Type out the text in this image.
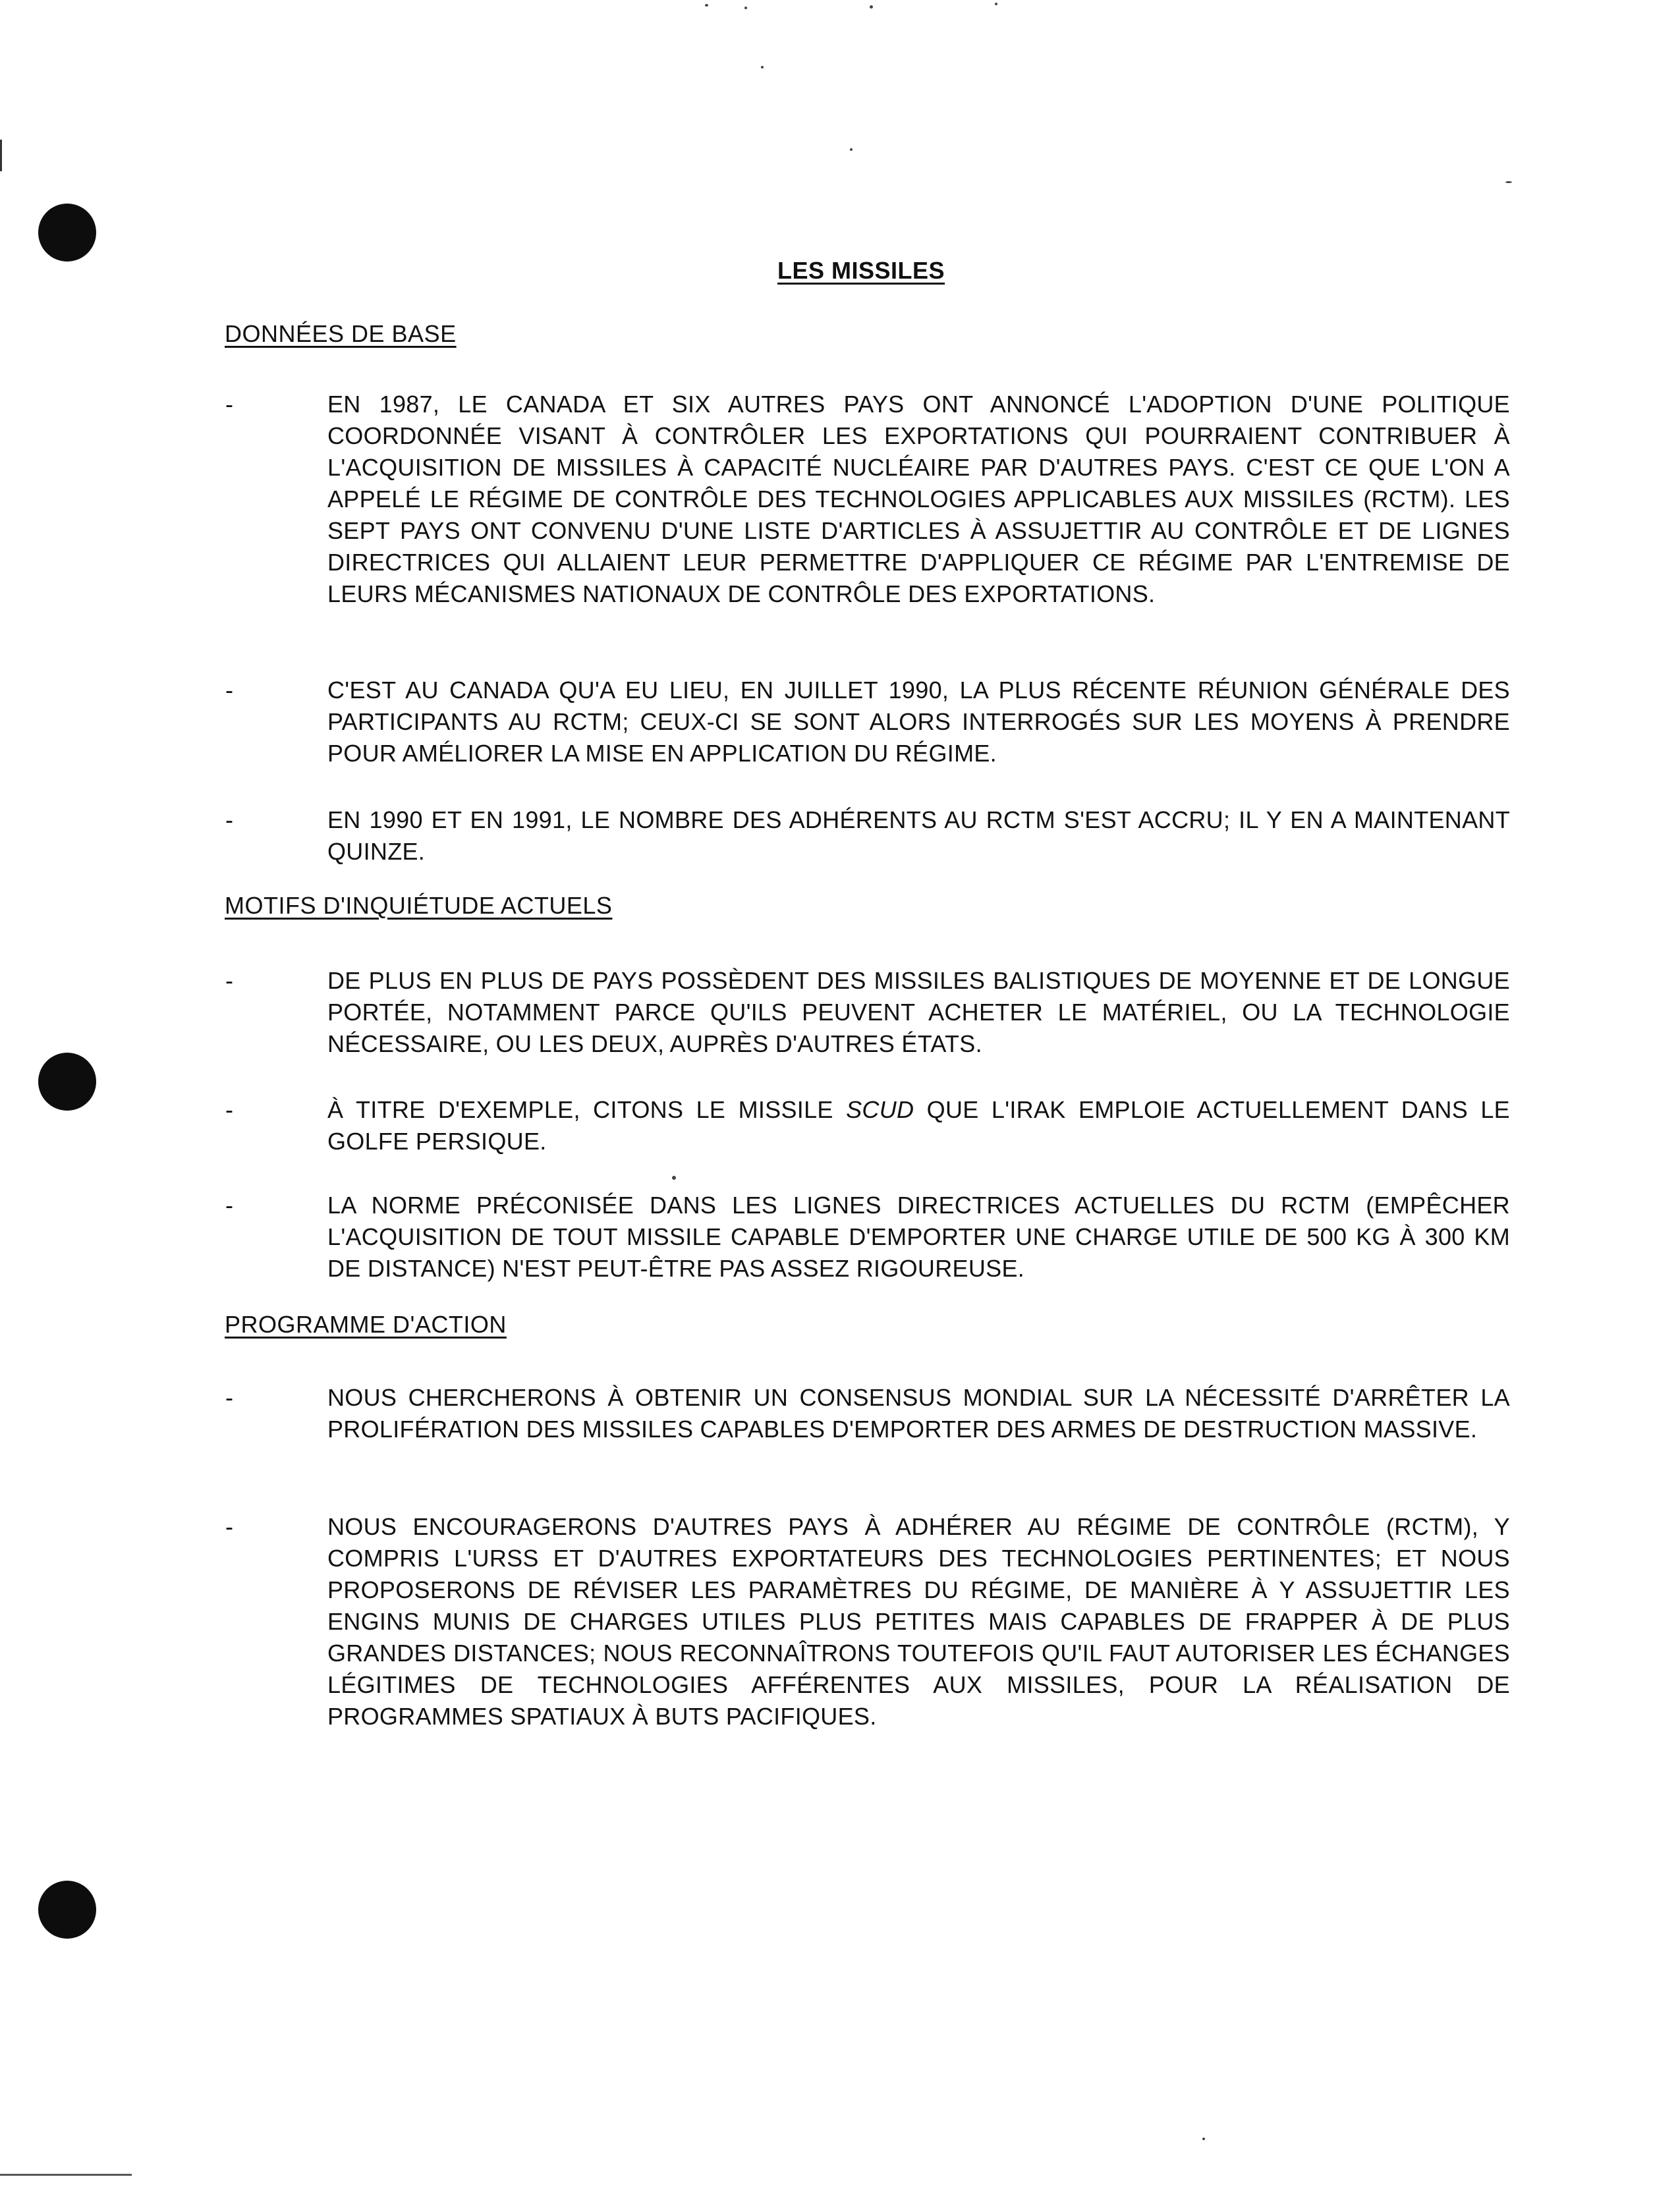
LES MISSILES
DONNÉES DE BASE
-	EN 1987, LE CANADA ET SIX AUTRES PAYS ONT ANNONCÉ L'ADOPTION D'UNE POLITIQUE COORDONNÉE VISANT À CONTRÔLER LES EXPORTATIONS QUI POURRAIENT CONTRIBUER À L'ACQUISITION DE MISSILES À CAPACITÉ NUCLÉAIRE PAR D'AUTRES PAYS. C'EST CE QUE L'ON A APPELÉ LE RÉGIME DE CONTRÔLE DES TECHNOLOGIES APPLICABLES AUX MISSILES (RCTM). LES SEPT PAYS ONT CONVENU D'UNE LISTE D'ARTICLES À ASSUJETTIR AU CONTRÔLE ET DE LIGNES DIRECTRICES QUI ALLAIENT LEUR PERMETTRE D'APPLIQUER CE RÉGIME PAR L'ENTREMISE DE LEURS MÉCANISMES NATIONAUX DE CONTRÔLE DES EXPORTATIONS.

-	C'EST AU CANADA QU'A EU LIEU, EN JUILLET 1990, LA PLUS RÉCENTE RÉUNION GÉNÉRALE DES PARTICIPANTS AU RCTM; CEUX-CI SE SONT ALORS INTERROGÉS SUR LES MOYENS À PRENDRE POUR AMÉLIORER LA MISE EN APPLICATION DU RÉGIME.

-	EN 1990 ET EN 1991, LE NOMBRE DES ADHÉRENTS AU RCTM S'EST ACCRU; IL Y EN A MAINTENANT QUINZE.

MOTIFS D'INQUIÉTUDE ACTUELS
-	DE PLUS EN PLUS DE PAYS POSSÈDENT DES MISSILES BALISTIQUES DE MOYENNE ET DE LONGUE PORTÉE, NOTAMMENT PARCE QU'ILS PEUVENT ACHETER LE MATÉRIEL, OU LA TECHNOLOGIE NÉCESSAIRE, OU LES DEUX, AUPRÈS D'AUTRES ÉTATS.

-	À TITRE D'EXEMPLE, CITONS LE MISSILE SCUD QUE L'IRAK EMPLOIE ACTUELLEMENT DANS LE GOLFE PERSIQUE.

-	LA NORME PRÉCONISÉE DANS LES LIGNES DIRECTRICES ACTUELLES DU RCTM (EMPÊCHER L'ACQUISITION DE TOUT MISSILE CAPABLE D'EMPORTER UNE CHARGE UTILE DE 500 KG À 300 KM DE DISTANCE) N'EST PEUT-ÊTRE PAS ASSEZ RIGOUREUSE.

PROGRAMME D'ACTION
-	NOUS CHERCHERONS À OBTENIR UN CONSENSUS MONDIAL SUR LA NÉCESSITÉ D'ARRÊTER LA PROLIFÉRATION DES MISSILES CAPABLES D'EMPORTER DES ARMES DE DESTRUCTION MASSIVE.

-	NOUS ENCOURAGERONS D'AUTRES PAYS À ADHÉRER AU RÉGIME DE CONTRÔLE (RCTM), Y COMPRIS L'URSS ET D'AUTRES EXPORTATEURS DES TECHNOLOGIES PERTINENTES; ET NOUS PROPOSERONS DE RÉVISER LES PARAMÈTRES DU RÉGIME, DE MANIÈRE À Y ASSUJETTIR LES ENGINS MUNIS DE CHARGES UTILES PLUS PETITES MAIS CAPABLES DE FRAPPER À DE PLUS GRANDES DISTANCES; NOUS RECONNAÎTRONS TOUTEFOIS QU'IL FAUT AUTORISER LES ÉCHANGES LÉGITIMES DE TECHNOLOGIES AFFÉRENTES AUX MISSILES, POUR LA RÉALISATION DE PROGRAMMES SPATIAUX À BUTS PACIFIQUES.
